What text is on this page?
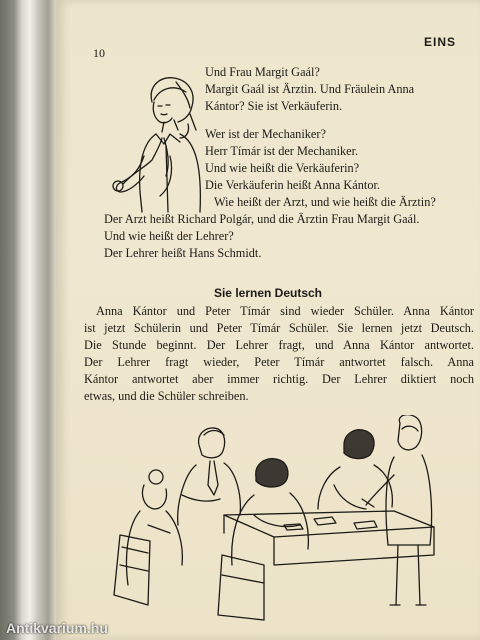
10
EINS
Und Frau Margit Gaál?
Margit Gaál ist Ärztin. Und Fräulein Anna
Kántor? Sie ist Verkäuferin.
Wer ist der Mechaniker?
Herr Tímár ist der Mechaniker.
Und wie heißt die Verkäuferin?
Die Verkäuferin heißt Anna Kántor.
Wie heißt der Arzt, und wie heißt die Ärztin?
Der Arzt heißt Richard Polgár, und die Ärztin Frau Margit Gaál.
Und wie heißt der Lehrer?
Der Lehrer heißt Hans Schmidt.
Sie lernen Deutsch
Anna Kántor und Peter Tímár sind wieder Schüler. Anna Kántor
ist jetzt Schülerin und Peter Tímár Schüler. Sie lernen jetzt Deutsch.
Die Stunde beginnt. Der Lehrer fragt, und Anna Kántor antwortet.
Der Lehrer fragt wieder, Peter Tímár antwortet falsch. Anna
Kántor antwortet aber immer richtig. Der Lehrer diktiert noch
etwas, und die Schüler schreiben.
Antikvarium.hu
